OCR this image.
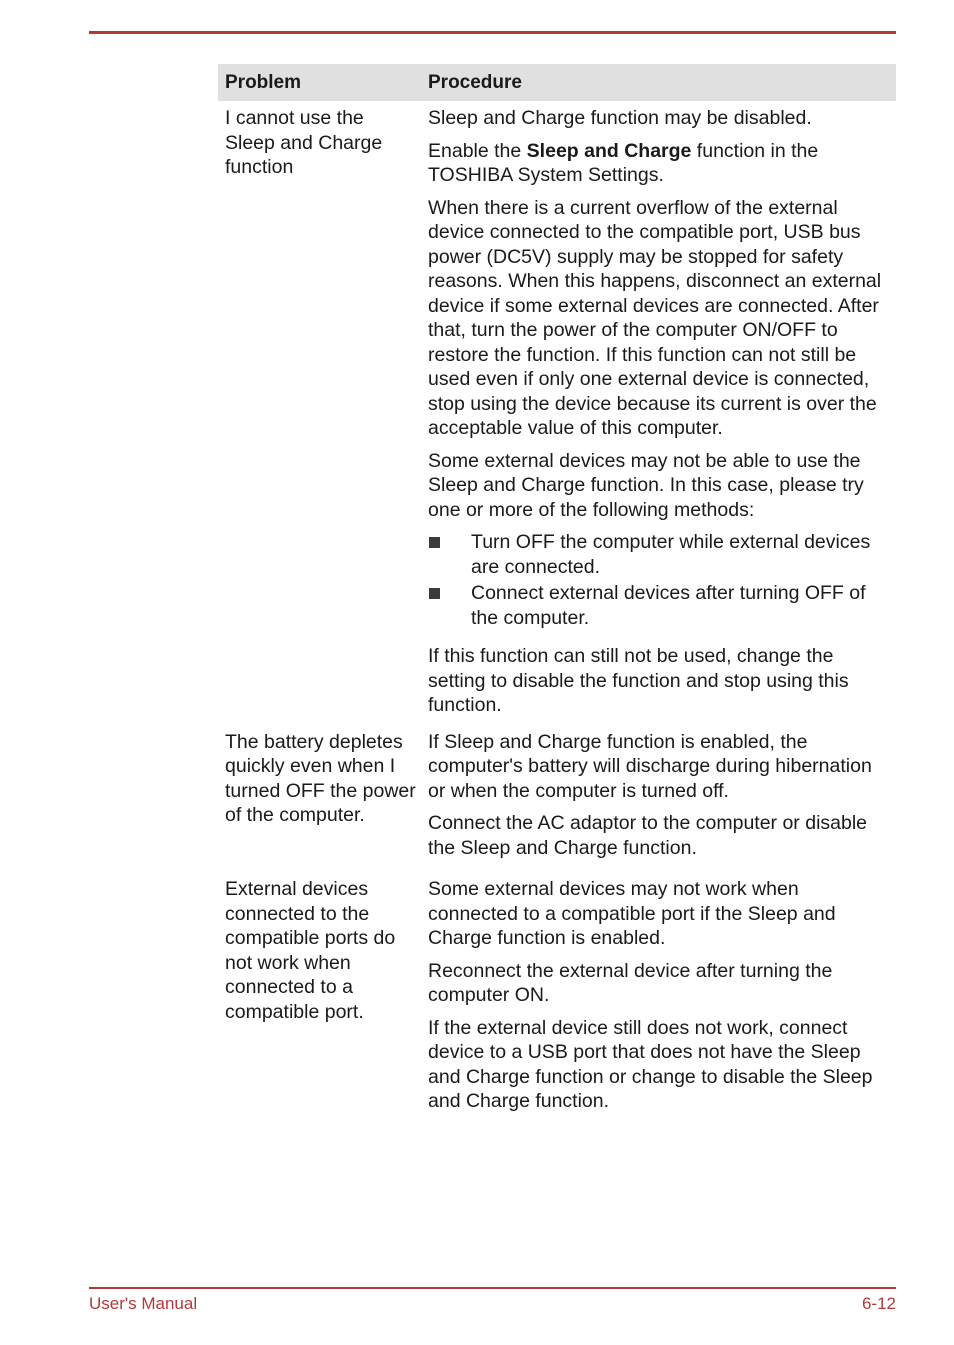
Problem	Procedure
I cannot use the Sleep and Charge function

Sleep and Charge function may be disabled.

Enable the Sleep and Charge function in the TOSHIBA System Settings.

When there is a current overflow of the external device connected to the compatible port, USB bus power (DC5V) supply may be stopped for safety reasons. When this happens, disconnect an external device if some external devices are connected. After that, turn the power of the computer ON/OFF to restore the function. If this function can not still be used even if only one external device is connected, stop using the device because its current is over the acceptable value of this computer.

Some external devices may not be able to use the Sleep and Charge function. In this case, please try one or more of the following methods:

Turn OFF the computer while external devices are connected.
Connect external devices after turning OFF of the computer.

If this function can still not be used, change the setting to disable the function and stop using this function.

The battery depletes quickly even when I turned OFF the power of the computer.

If Sleep and Charge function is enabled, the computer's battery will discharge during hibernation or when the computer is turned off.

Connect the AC adaptor to the computer or disable the Sleep and Charge function.

External devices connected to the compatible ports do not work when connected to a compatible port.

Some external devices may not work when connected to a compatible port if the Sleep and Charge function is enabled.

Reconnect the external device after turning the computer ON.

If the external device still does not work, connect device to a USB port that does not have the Sleep and Charge function or change to disable the Sleep and Charge function.

User's Manual	6-12
